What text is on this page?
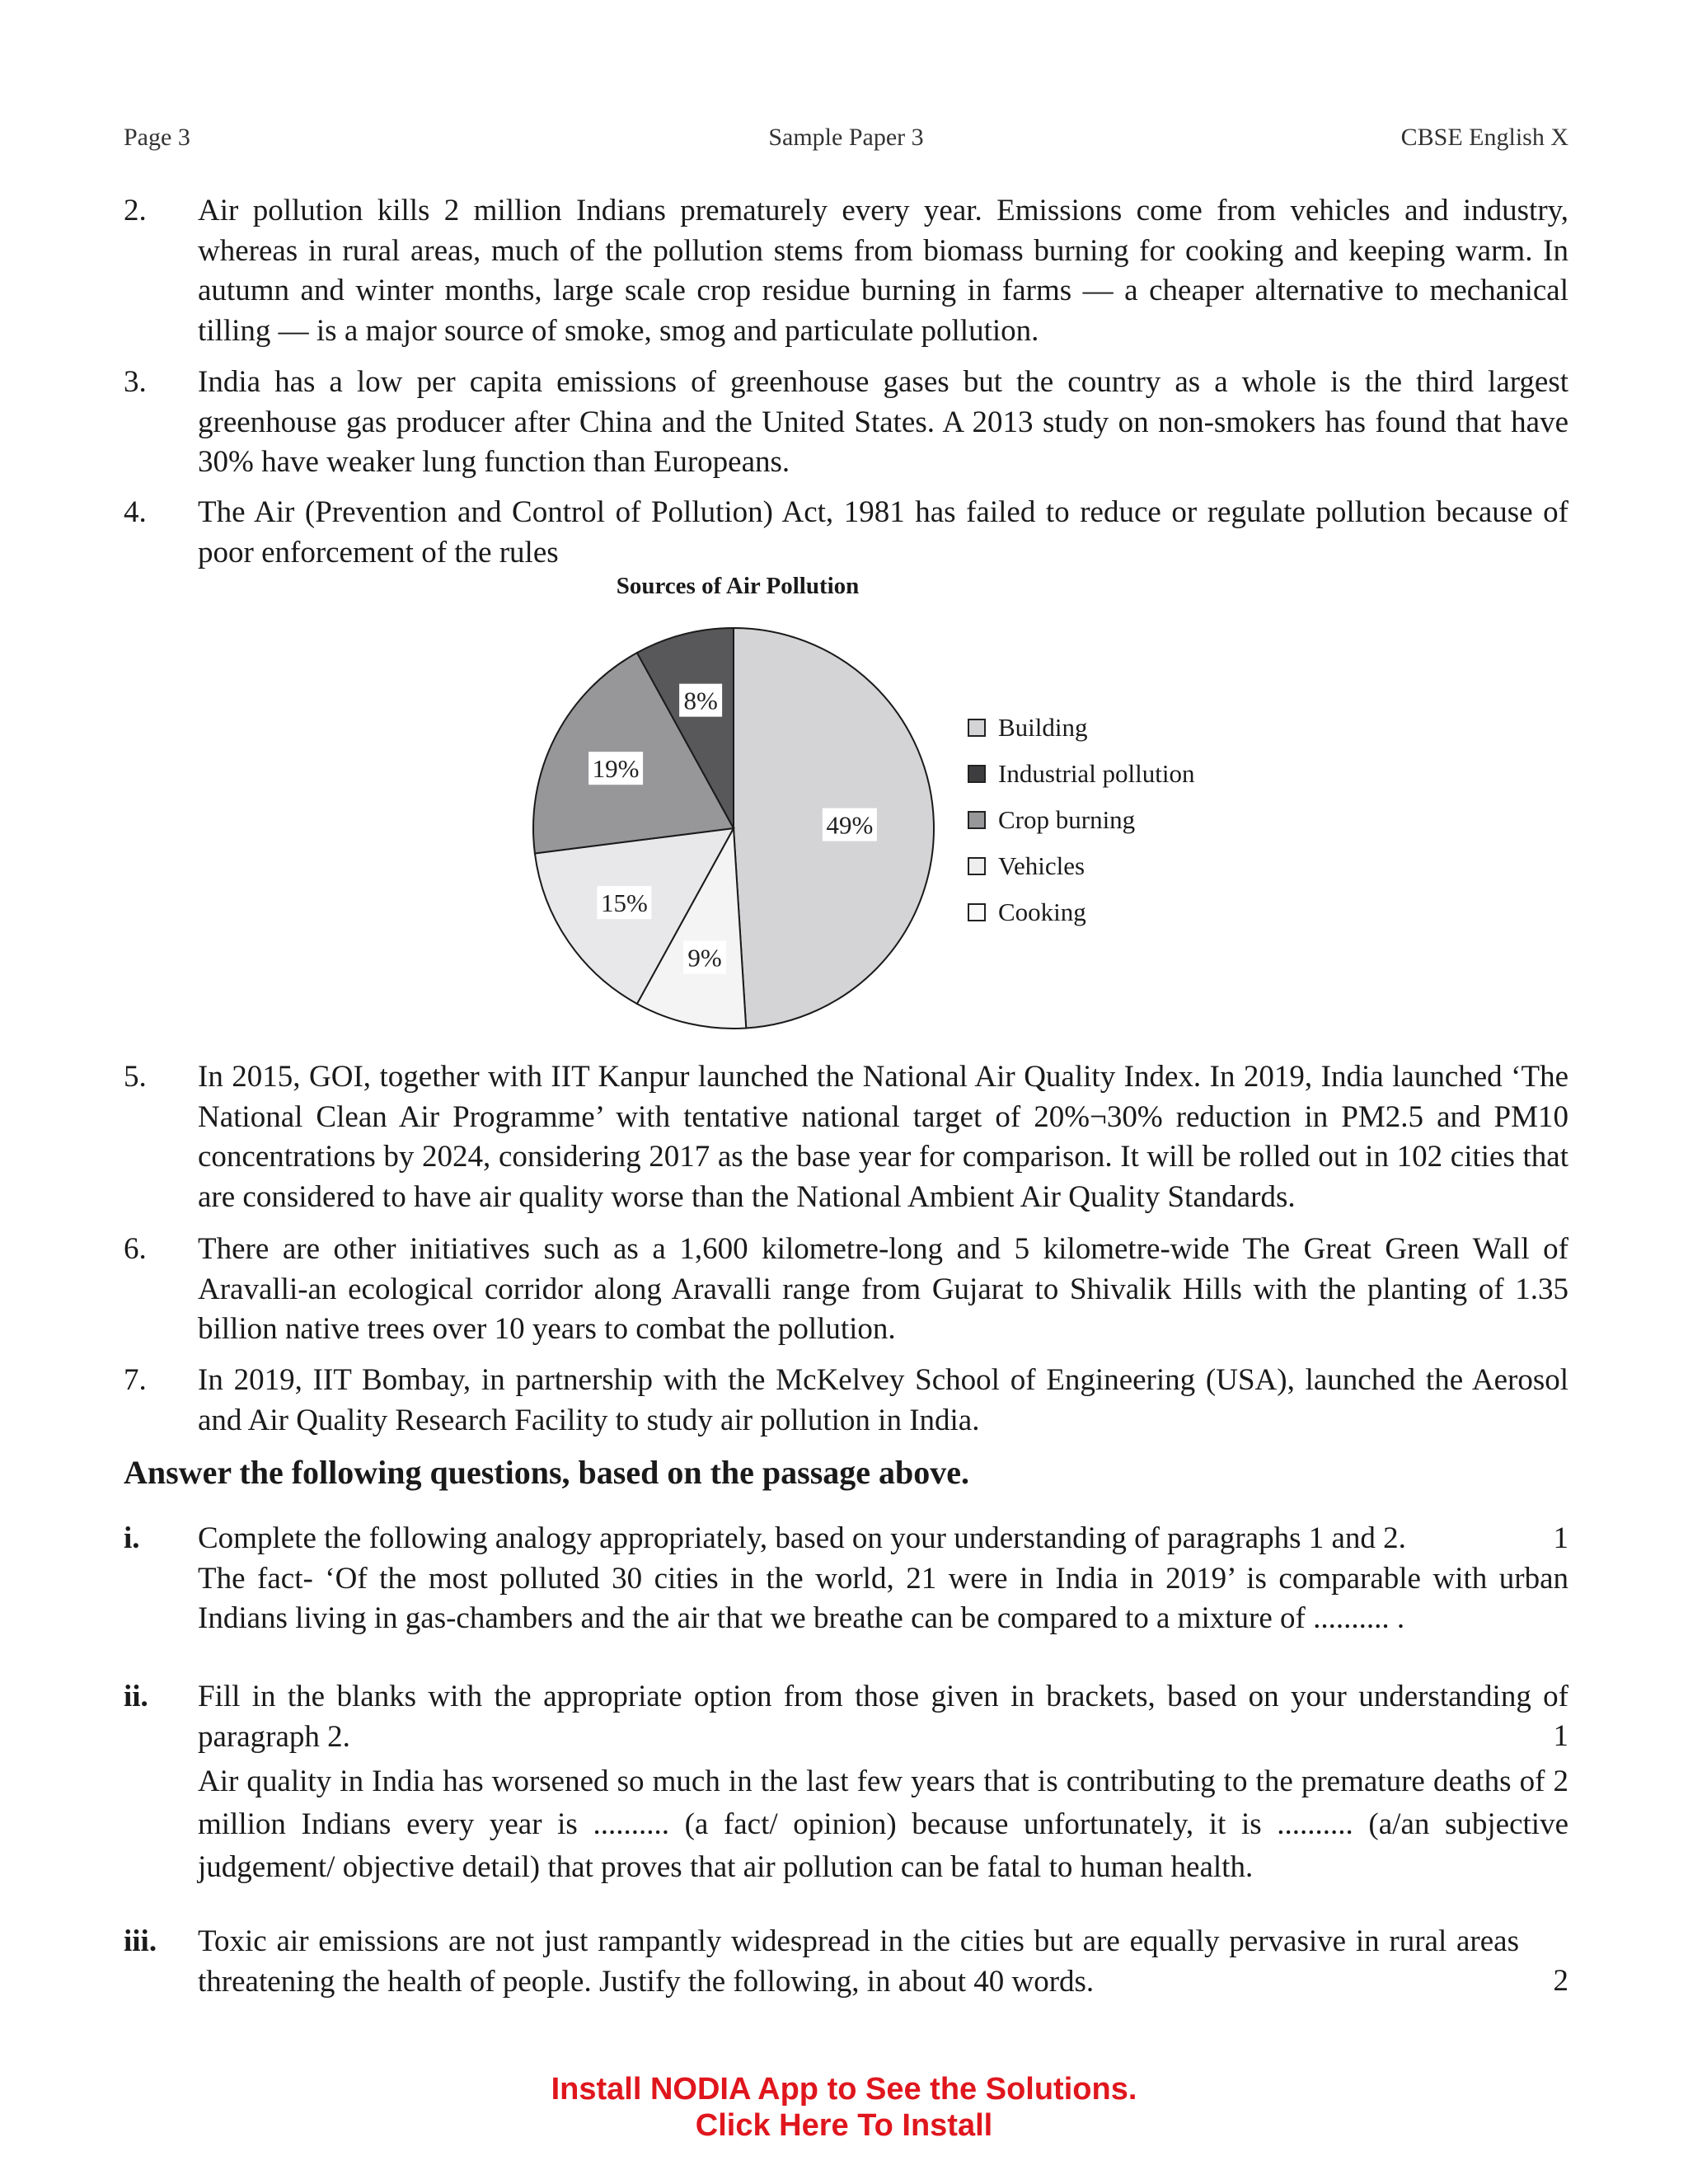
Page 3	Sample Paper 3	CBSE English X
2. Air pollution kills 2 million Indians prematurely every year. Emissions come from vehicles and industry, whereas in rural areas, much of the pollution stems from biomass burning for cooking and keeping warm. In autumn and winter months, large scale crop residue burning in farms — a cheaper alternative to mechanical tilling — is a major source of smoke, smog and particulate pollution.
3. India has a low per capita emissions of greenhouse gases but the country as a whole is the third largest greenhouse gas producer after China and the United States. A 2013 study on non-smokers has found that have 30% have weaker lung function than Europeans.
4. The Air (Prevention and Control of Pollution) Act, 1981 has failed to reduce or regulate pollution because of poor enforcement of the rules
Sources of Air Pollution
49%
9%
15%
19%
8%
Building
Industrial pollution
Crop burning
Vehicles
Cooking
5. In 2015, GOI, together with IIT Kanpur launched the National Air Quality Index. In 2019, India launched ‘The National Clean Air Programme’ with tentative national target of 20%¬30% reduction in PM2.5 and PM10 concentrations by 2024, considering 2017 as the base year for comparison. It will be rolled out in 102 cities that are considered to have air quality worse than the National Ambient Air Quality Standards.
6. There are other initiatives such as a 1,600 kilometre-long and 5 kilometre-wide The Great Green Wall of Aravalli-an ecological corridor along Aravalli range from Gujarat to Shivalik Hills with the planting of 1.35 billion native trees over 10 years to combat the pollution.
7. In 2019, IIT Bombay, in partnership with the McKelvey School of Engineering (USA), launched the Aerosol and Air Quality Research Facility to study air pollution in India.
Answer the following questions, based on the passage above.
i.	1
Complete the following analogy appropriately, based on your understanding of paragraphs 1 and 2.
The fact- ‘Of the most polluted 30 cities in the world, 21 were in India in 2019’ is comparable with urban Indians living in gas-chambers and the air that we breathe can be compared to a mixture of .......... .
ii.
1
Fill in the blanks with the appropriate option from those given in brackets, based on your understanding of paragraph 2.
Air quality in India has worsened so much in the last few years that is contributing to the premature deaths of 2 million Indians every year is .......... (a fact/ opinion) because unfortunately, it is .......... (a/an subjective judgement/ objective detail) that proves that air pollution can be fatal to human health.
iii.
2
Toxic air emissions are not just rampantly widespread in the cities but are equally pervasive in rural areas threatening the health of people. Justify the following, in about 40 words.
Install NODIA App to See the Solutions.
Click Here To Install
